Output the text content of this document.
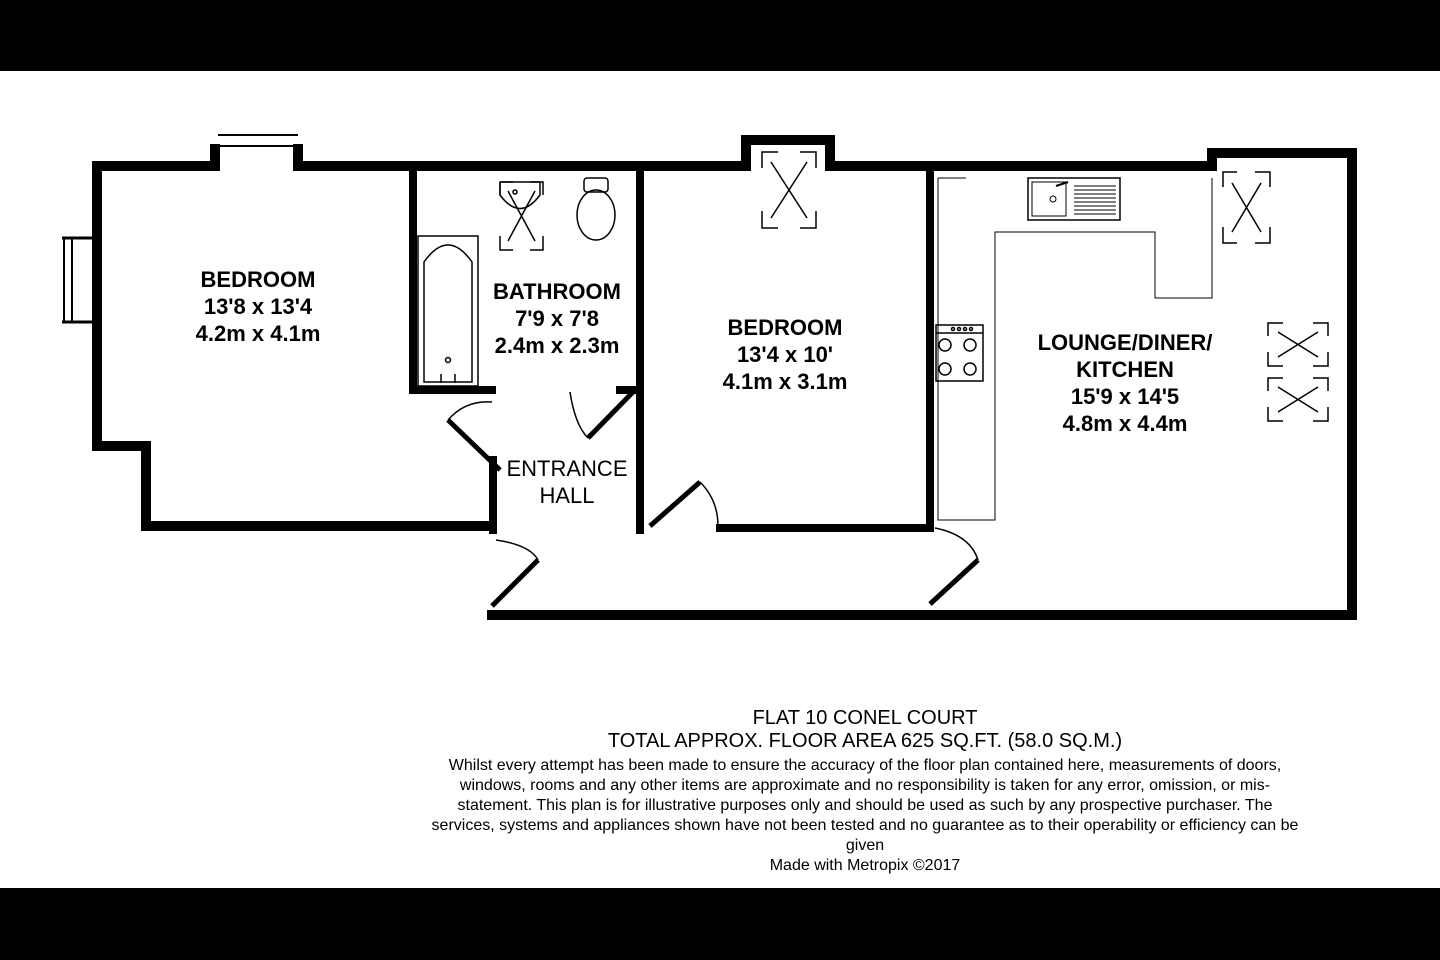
BEDROOM
13'8 x 13'4
4.2m x 4.1m
BATHROOM
7'9 x 7'8
2.4m x 2.3m
BEDROOM
13'4 x 10'
4.1m x 3.1m
LOUNGE/DINER/
KITCHEN
15'9 x 14'5
4.8m x 4.4m
ENTRANCE
HALL
FLAT 10 CONEL COURT
TOTAL APPROX. FLOOR AREA 625 SQ.FT. (58.0 SQ.M.)
Whilst every attempt has been made to ensure the accuracy of the floor plan contained here, measurements of doors, windows, rooms and any other items are approximate and no responsibility is taken for any error, omission, or mis-statement. This plan is for illustrative purposes only and should be used as such by any prospective purchaser. The services, systems and appliances shown have not been tested and no guarantee as to their operability or efficiency can be given
Made with Metropix ©2017
